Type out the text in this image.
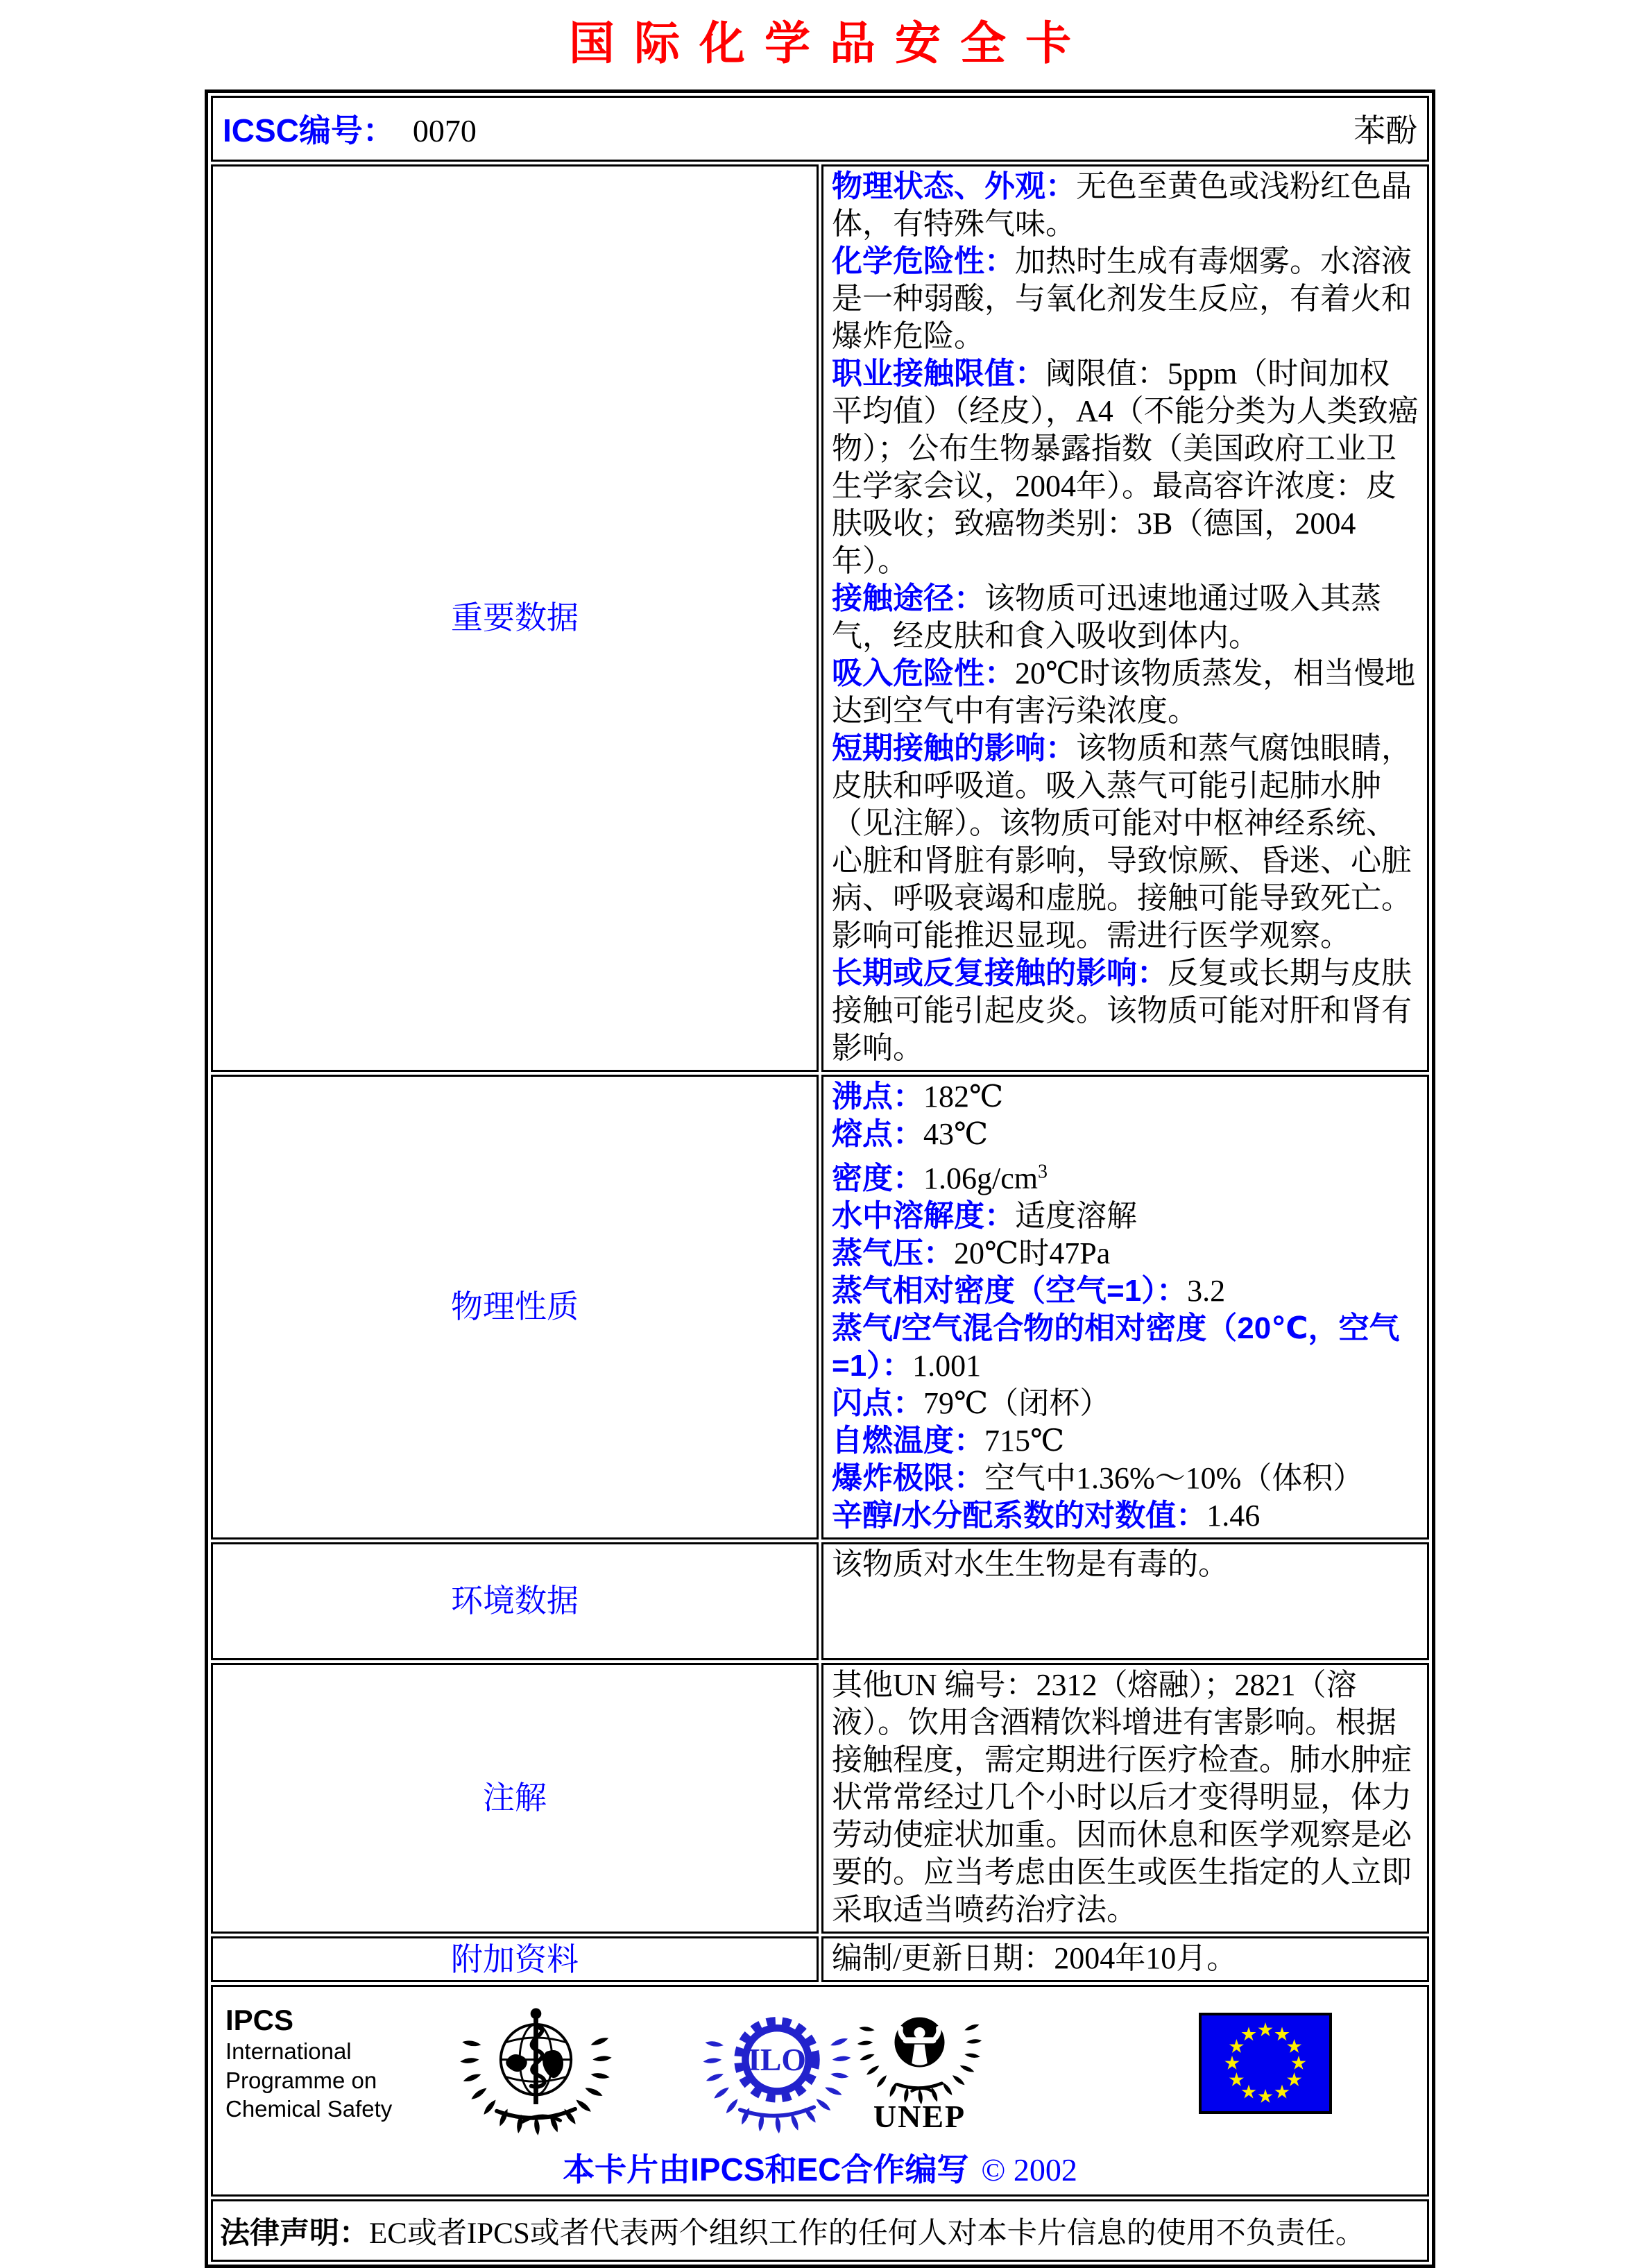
国际化学品安全卡
ICSC编号： 0070 苯酚	

重要数据	
物理状态、外观：无色至黄色或浅粉红色晶体，有特殊气味。
化学危险性：加热时生成有毒烟雾。水溶液是一种弱酸，与氧化剂发生反应，有着火和爆炸危险。
职业接触限值：阈限值：5ppm（时间加权平均值）（经皮），A4（不能分类为人类致癌物）；公布生物暴露指数（美国政府工业卫生学家会议，2004年）。最高容许浓度：皮肤吸收；致癌物类别：3B（德国，2004年）。
接触途径：该物质可迅速地通过吸入其蒸气，经皮肤和食入吸收到体内。
吸入危险性：20℃时该物质蒸发，相当慢地达到空气中有害污染浓度。
短期接触的影响：该物质和蒸气腐蚀眼睛，皮肤和呼吸道。吸入蒸气可能引起肺水肿（见注解）。该物质可能对中枢神经系统、心脏和肾脏有影响，导致惊厥、昏迷、心脏病、呼吸衰竭和虚脱。接触可能导致死亡。影响可能推迟显现。需进行医学观察。
长期或反复接触的影响：反复或长期与皮肤接触可能引起皮炎。该物质可能对肝和肾有影响。

物理性质	
沸点：182℃
熔点：43℃
密度：$1.06g/cm^3$
水中溶解度：适度溶解
蒸气压：20℃时47Pa
蒸气相对密度（空气=1）：3.2
蒸气/空气混合物的相对密度（20℃，空气=1）：1.001
闪点：79℃（闭杯）
自燃温度：715℃
爆炸极限：空气中1.36%～10%（体积）
辛醇/水分配系数的对数值：1.46

环境数据	该物质对水生生物是有毒的。

注解	其他UN 编号：2312（熔融）；2821（溶液）。饮用含酒精饮料增进有害影响。根据接触程度，需定期进行医疗检查。肺水肿症状常常经过几个小时以后才变得明显，体力劳动使症状加重。因而休息和医学观察是必要的。应当考虑由医生或医生指定的人立即采取适当喷药治疗法。

附加资料	编制/更新日期：2004年10月。

IPCS
International
Programme on
Chemical Safety
ILO
UNEP
本卡片由IPCS和EC合作编写 © 2002

法律声明：EC或者IPCS或者代表两个组织工作的任何人对本卡片信息的使用不负责任。	
